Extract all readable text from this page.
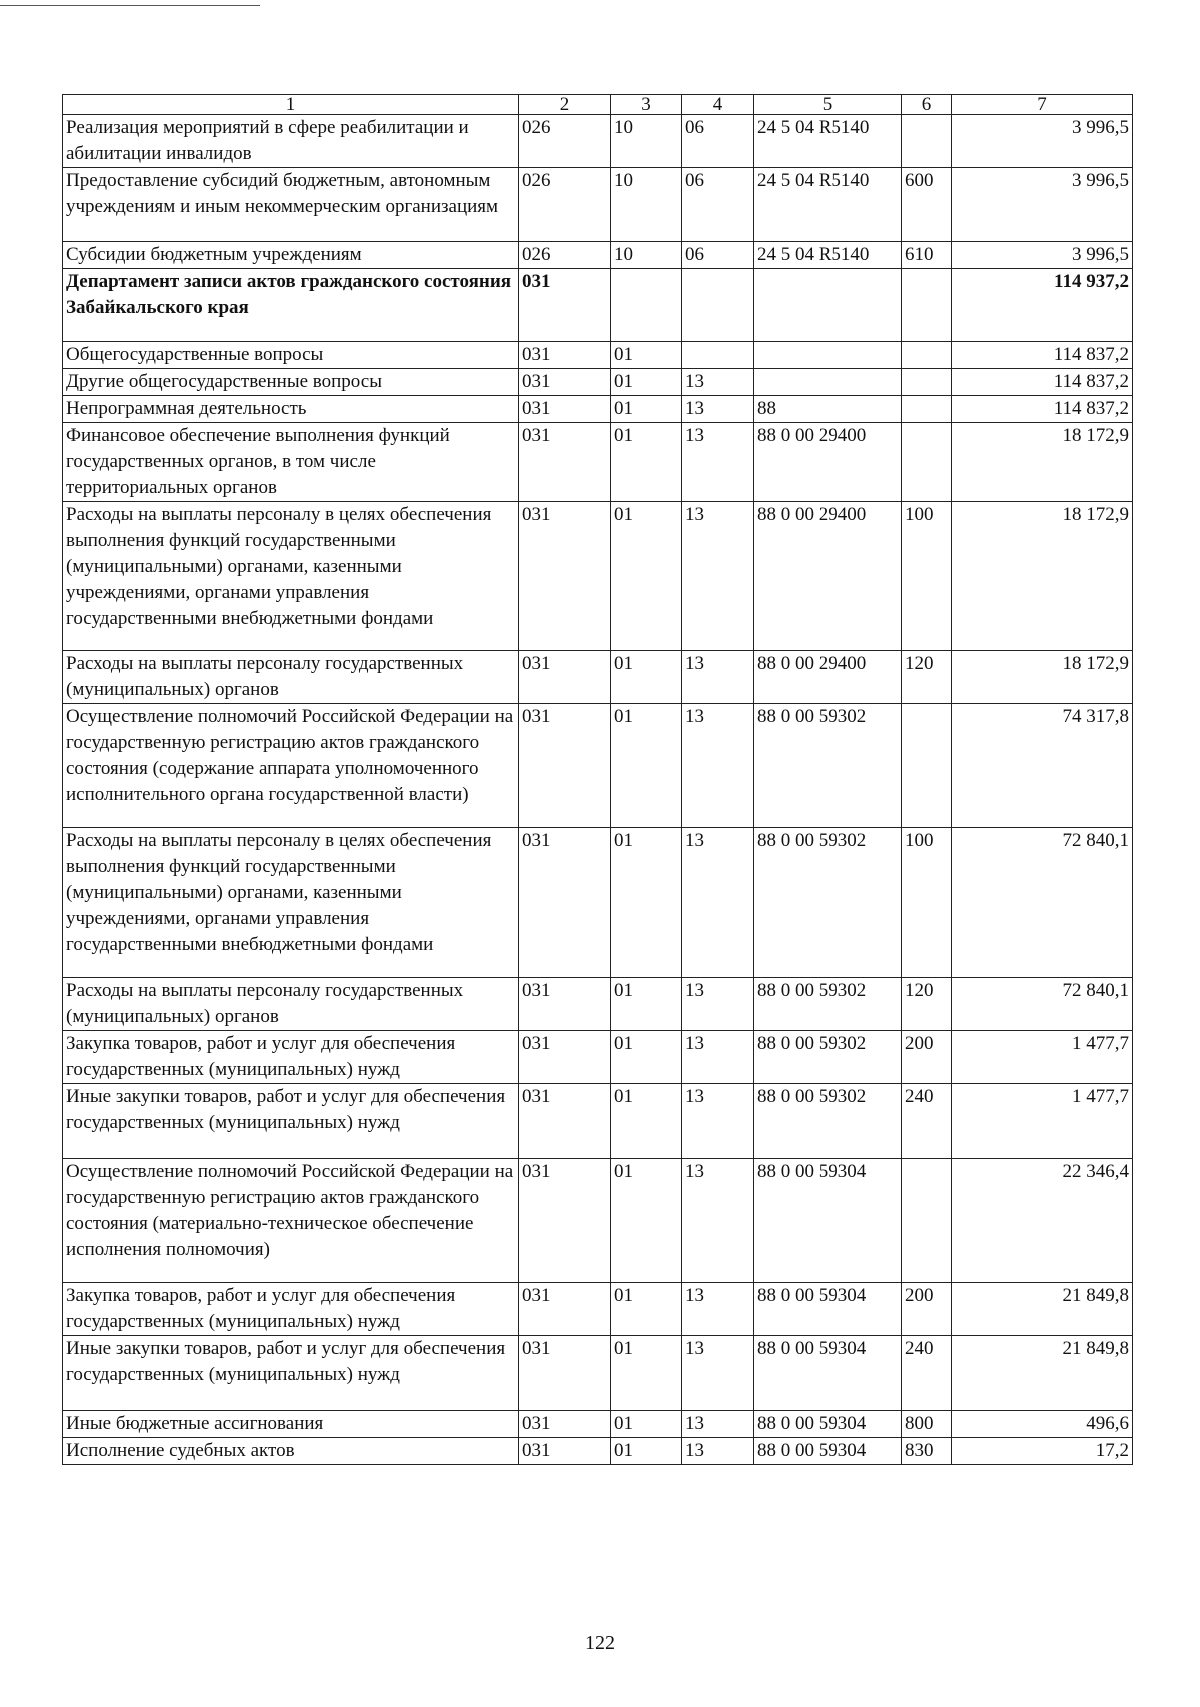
1	2	3	4	5	6	7
Реализация мероприятий в сфере реабилитации и абилитации инвалидов	026	10	06	24 5 04 R5140		3 996,5
Предоставление субсидий бюджетным, автономным учреждениям и иным некоммерческим организациям	026	10	06	24 5 04 R5140	600	3 996,5
Субсидии бюджетным учреждениям	026	10	06	24 5 04 R5140	610	3 996,5
Департамент записи актов гражданского состояния Забайкальского края	031					114 937,2
Общегосударственные вопросы	031	01				114 837,2
Другие общегосударственные вопросы	031	01	13			114 837,2
Непрограммная деятельность	031	01	13	88		114 837,2
Финансовое обеспечение выполнения функций государственных органов, в том числе территориальных органов	031	01	13	88 0 00 29400		18 172,9
Расходы на выплаты персоналу в целях обеспечения выполнения функций государственными (муниципальными) органами, казенными учреждениями, органами управления государственными внебюджетными фондами	031	01	13	88 0 00 29400	100	18 172,9
Расходы на выплаты персоналу государственных (муниципальных) органов	031	01	13	88 0 00 29400	120	18 172,9
Осуществление полномочий Российской Федерации на государственную регистрацию актов гражданского состояния (содержание аппарата уполномоченного исполнительного органа государственной власти)	031	01	13	88 0 00 59302		74 317,8
Расходы на выплаты персоналу в целях обеспечения выполнения функций государственными (муниципальными) органами, казенными учреждениями, органами управления государственными внебюджетными фондами	031	01	13	88 0 00 59302	100	72 840,1
Расходы на выплаты персоналу государственных (муниципальных) органов	031	01	13	88 0 00 59302	120	72 840,1
Закупка товаров, работ и услуг для обеспечения государственных (муниципальных) нужд	031	01	13	88 0 00 59302	200	1 477,7
Иные закупки товаров, работ и услуг для обеспечения государственных (муниципальных) нужд	031	01	13	88 0 00 59302	240	1 477,7
Осуществление полномочий Российской Федерации на государственную регистрацию актов гражданского состояния (материально-техническое обеспечение исполнения полномочия)	031	01	13	88 0 00 59304		22 346,4
Закупка товаров, работ и услуг для обеспечения государственных (муниципальных) нужд	031	01	13	88 0 00 59304	200	21 849,8
Иные закупки товаров, работ и услуг для обеспечения государственных (муниципальных) нужд	031	01	13	88 0 00 59304	240	21 849,8
Иные бюджетные ассигнования	031	01	13	88 0 00 59304	800	496,6
Исполнение судебных актов	031	01	13	88 0 00 59304	830	17,2
122
